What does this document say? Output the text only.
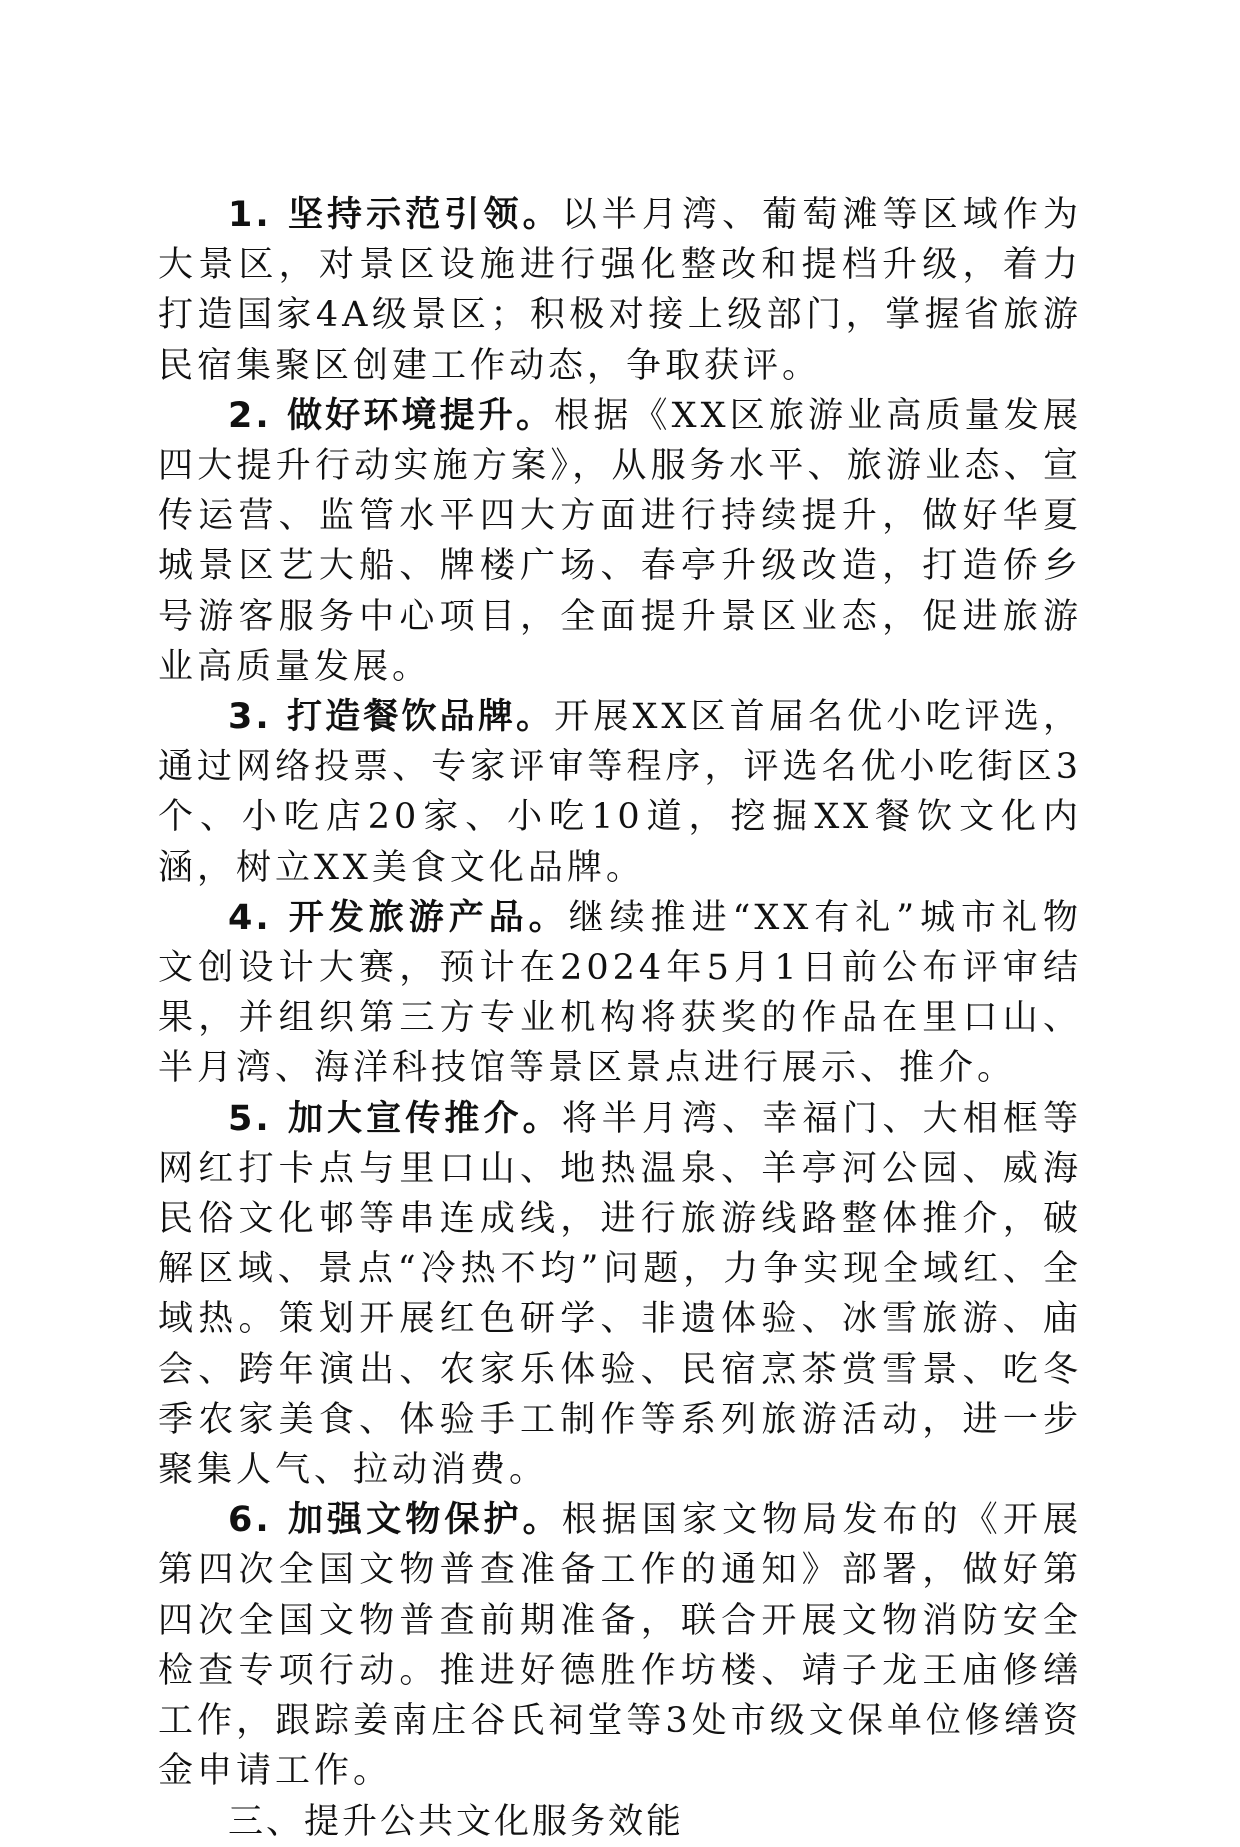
1. 坚持示范引领。以半月湾、葡萄滩等区域作为大景区，对景区设施进行强化整改和提档升级，着力打造国家4A级景区；积极对接上级部门，掌握省旅游民宿集聚区创建工作动态，争取获评。

2. 做好环境提升。根据《XX区旅游业高质量发展四大提升行动实施方案》，从服务水平、旅游业态、宣传运营、监管水平四大方面进行持续提升，做好华夏城景区艺大船、牌楼广场、春亭升级改造，打造侨乡号游客服务中心项目，全面提升景区业态，促进旅游业高质量发展。

3. 打造餐饮品牌。开展XX区首届名优小吃评选，通过网络投票、专家评审等程序，评选名优小吃街区3个、小吃店20家、小吃10道，挖掘XX餐饮文化内涵，树立XX美食文化品牌。

4. 开发旅游产品。继续推进“XX有礼”城市礼物文创设计大赛，预计在2024年5月1日前公布评审结果，并组织第三方专业机构将获奖的作品在里口山、半月湾、海洋科技馆等景区景点进行展示、推介。

5. 加大宣传推介。将半月湾、幸福门、大相框等网红打卡点与里口山、地热温泉、羊亭河公园、威海民俗文化邨等串连成线，进行旅游线路整体推介，破解区域、景点“冷热不均”问题，力争实现全域红、全域热。策划开展红色研学、非遗体验、冰雪旅游、庙会、跨年演出、农家乐体验、民宿烹茶赏雪景、吃冬季农家美食、体验手工制作等系列旅游活动，进一步聚集人气、拉动消费。

6. 加强文物保护。根据国家文物局发布的《开展第四次全国文物普查准备工作的通知》部署，做好第四次全国文物普查前期准备，联合开展文物消防安全检查专项行动。推进好德胜作坊楼、靖子龙王庙修缮工作，跟踪姜南庄谷氏祠堂等3处市级文保单位修缮资金申请工作。

三、提升公共文化服务效能
